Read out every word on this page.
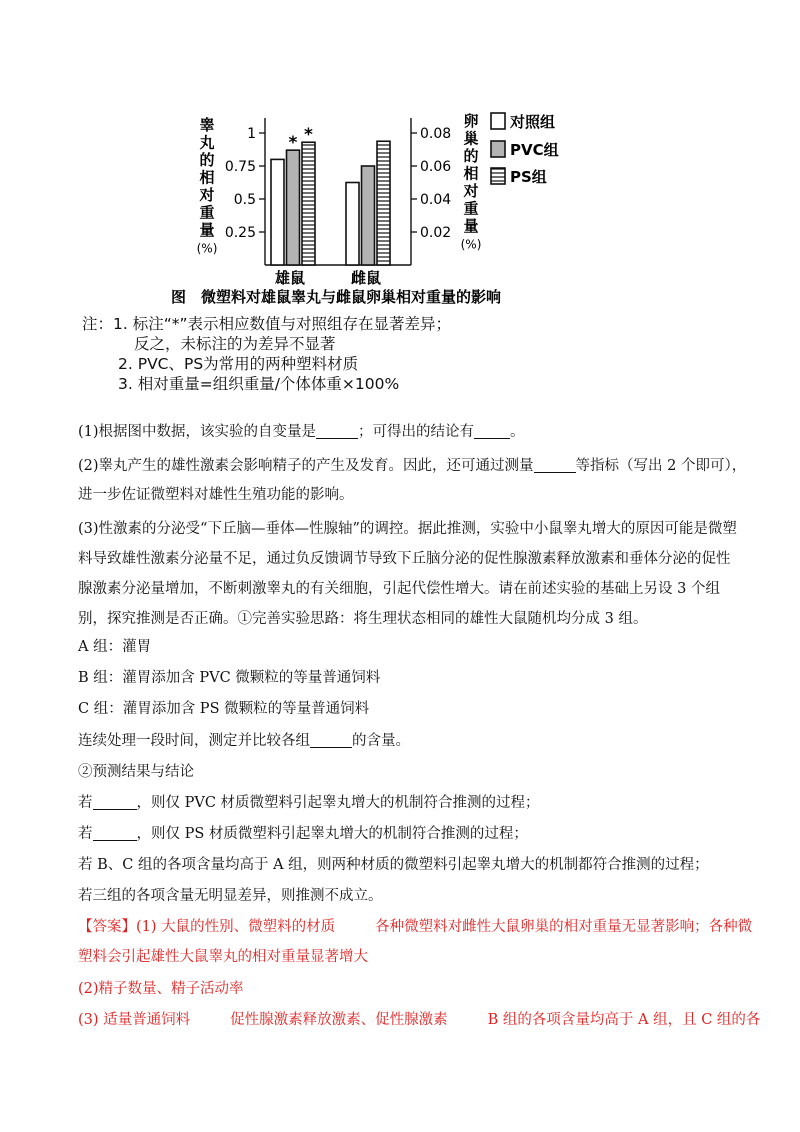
0.25
0.5
0.75
1
0.02
0.04
0.06
0.08
* *
雄鼠	雌鼠
睾丸的相对重量(%)
卵巢的相对重量(%)
对照组
PVC组
PS组
图　微塑料对雄鼠睾丸与雌鼠卵巢相对重量的影响
注：1. 标注“*”表示相应数值与对照组存在显著差异；
反之，未标注的为差异不显著
2. PVC、PS为常用的两种塑料材质
3. 相对重量=组织重量/个体体重×100%
(1)根据图中数据，该实验的自变量是	；可得出的结论有 。
(2)睾丸产生的雄性激素会影响精子的产生及发育。因此，还可通过测量	等指标（写出 2 个即可），
进一步佐证微塑料对雄性生殖功能的影响。
(3)性激素的分泌受“下丘脑—垂体—性腺轴”的调控。据此推测，实验中小鼠睾丸增大的原因可能是微塑料导致雄性激素分泌量不足，通过负反馈调节导致下丘脑分泌的促性腺激素释放激素和垂体分泌的促性腺激素分泌量增加，不断刺激睾丸的有关细胞，引起代偿性增大。请在前述实验的基础上另设 3 个组别，探究推测是否正确。①完善实验思路：将生理状态相同的雄性大鼠随机均分成 3 组。
A 组：灌胃
B 组：灌胃添加含 PVC 微颗粒的等量普通饲料
C 组：灌胃添加含 PS 微颗粒的等量普通饲料
连续处理一段时间，测定并比较各组	的含量。
②预测结果与结论
若	，则仅 PVC 材质微塑料引起睾丸增大的机制符合推测的过程；
若	，则仅 PS 材质微塑料引起睾丸增大的机制符合推测的过程；
若 B、C 组的各项含量均高于 A 组，则两种材质的微塑料引起睾丸增大的机制都符合推测的过程；
若三组的各项含量无明显差异，则推测不成立。
【答案】(1) 大鼠的性别、微塑料的材质	各种微塑料对雌性大鼠卵巢的相对重量无显著影响；各种微
塑料会引起雄性大鼠睾丸的相对重量显著增大
(2)精子数量、精子活动率
(3) 适量普通饲料	促性腺激素释放激素、促性腺激素	B 组的各项含量均高于 A 组，且 C 组的各
